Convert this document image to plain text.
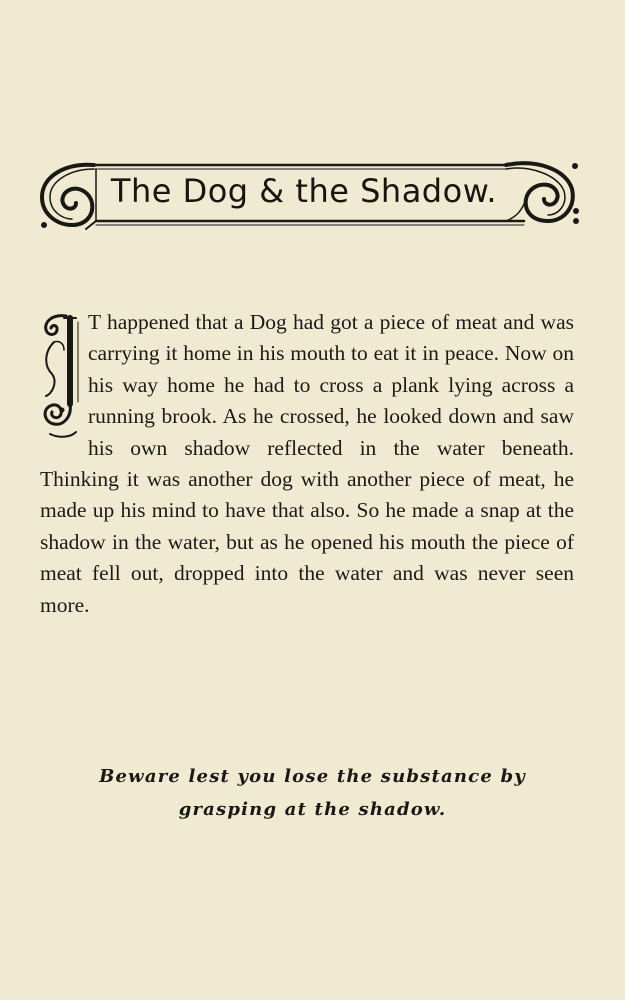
The Dog & the Shadow.
T happened that a Dog had got a piece of meat and was carrying it home in his mouth to eat it in peace. Now on his way home he had to cross a plank lying across a running brook. As he crossed, he looked down and saw his own shadow reflected in the water beneath. Thinking it was another dog with another piece of meat, he made up his mind to have that also. So he made a snap at the shadow in the water, but as he opened his mouth the piece of meat fell out, dropped into the water and was never seen more.
Beware lest you lose the substance by
grasping at the shadow.
